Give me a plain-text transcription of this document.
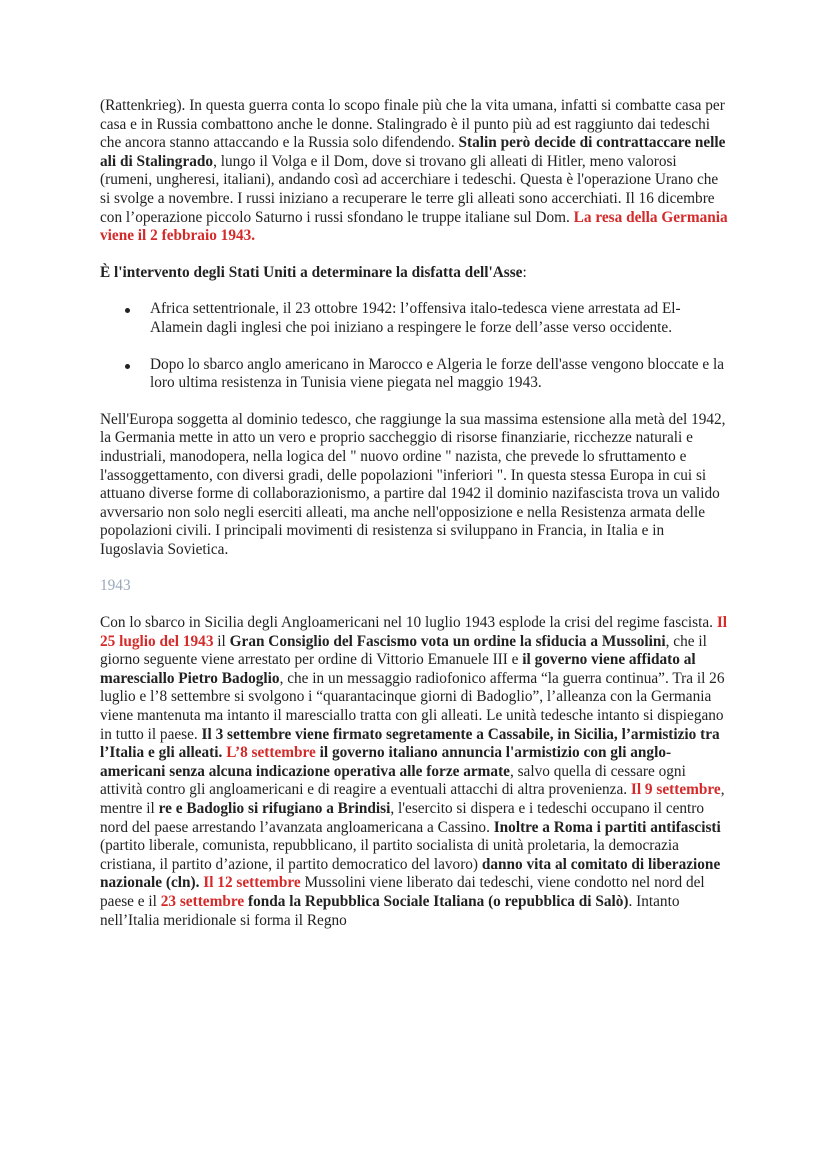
(Rattenkrieg). In questa guerra conta lo scopo finale più che la vita umana, infatti si combatte casa per casa e in Russia combattono anche le donne. Stalingrado è il punto più ad est raggiunto dai tedeschi che ancora stanno attaccando e la Russia solo difendendo. Stalin però decide di contrattaccare nelle ali di Stalingrado, lungo il Volga e il Dom, dove si trovano gli alleati di Hitler, meno valorosi (rumeni, ungheresi, italiani), andando così ad accerchiare i tedeschi. Questa è l'operazione Urano che si svolge a novembre. I russi iniziano a recuperare le terre gli alleati sono accerchiati. Il 16 dicembre con l’operazione piccolo Saturno i russi sfondano le truppe italiane sul Dom. La resa della Germania viene il 2 febbraio 1943.

È l'intervento degli Stati Uniti a determinare la disfatta dell'Asse:

Africa settentrionale, il 23 ottobre 1942: l’offensiva italo-tedesca viene arrestata ad El-Alamein dagli inglesi che poi iniziano a respingere le forze dell’asse verso occidente.
Dopo lo sbarco anglo americano in Marocco e Algeria le forze dell'asse vengono bloccate e la loro ultima resistenza in Tunisia viene piegata nel maggio 1943.

Nell'Europa soggetta al dominio tedesco, che raggiunge la sua massima estensione alla metà del 1942, la Germania mette in atto un vero e proprio saccheggio di risorse finanziarie, ricchezze naturali e industriali, manodopera, nella logica del " nuovo ordine " nazista, che prevede lo sfruttamento e l'assoggettamento, con diversi gradi, delle popolazioni "inferiori ". In questa stessa Europa in cui si attuano diverse forme di collaborazionismo, a partire dal 1942 il dominio nazifascista trova un valido avversario non solo negli eserciti alleati, ma anche nell'opposizione e nella Resistenza armata delle popolazioni civili. I principali movimenti di resistenza si sviluppano in Francia, in Italia e in Iugoslavia Sovietica.

1943

Con lo sbarco in Sicilia degli Angloamericani nel 10 luglio 1943 esplode la crisi del regime fascista. Il 25 luglio del 1943 il Gran Consiglio del Fascismo vota un ordine la sfiducia a Mussolini, che il giorno seguente viene arrestato per ordine di Vittorio Emanuele III e il governo viene affidato al maresciallo Pietro Badoglio, che in un messaggio radiofonico afferma “la guerra continua”. Tra il 26 luglio e l’8 settembre si svolgono i “quarantacinque giorni di Badoglio”, l’alleanza con la Germania viene mantenuta ma intanto il maresciallo tratta con gli alleati. Le unità tedesche intanto si dispiegano in tutto il paese. Il 3 settembre viene firmato segretamente a Cassabile, in Sicilia, l’armistizio tra l’Italia e gli alleati. L’8 settembre il governo italiano annuncia l'armistizio con gli anglo-americani senza alcuna indicazione operativa alle forze armate, salvo quella di cessare ogni attività contro gli angloamericani e di reagire a eventuali attacchi di altra provenienza. Il 9 settembre, mentre il re e Badoglio si rifugiano a Brindisi, l'esercito si dispera e i tedeschi occupano il centro nord del paese arrestando l’avanzata angloamericana a Cassino. Inoltre a Roma i partiti antifascisti (partito liberale, comunista, repubblicano, il partito socialista di unità proletaria, la democrazia cristiana, il partito d’azione, il partito democratico del lavoro) danno vita al comitato di liberazione nazionale (cln). Il 12 settembre Mussolini viene liberato dai tedeschi, viene condotto nel nord del paese e il 23 settembre fonda la Repubblica Sociale Italiana (o repubblica di Salò). Intanto nell’Italia meridionale si forma il Regno
